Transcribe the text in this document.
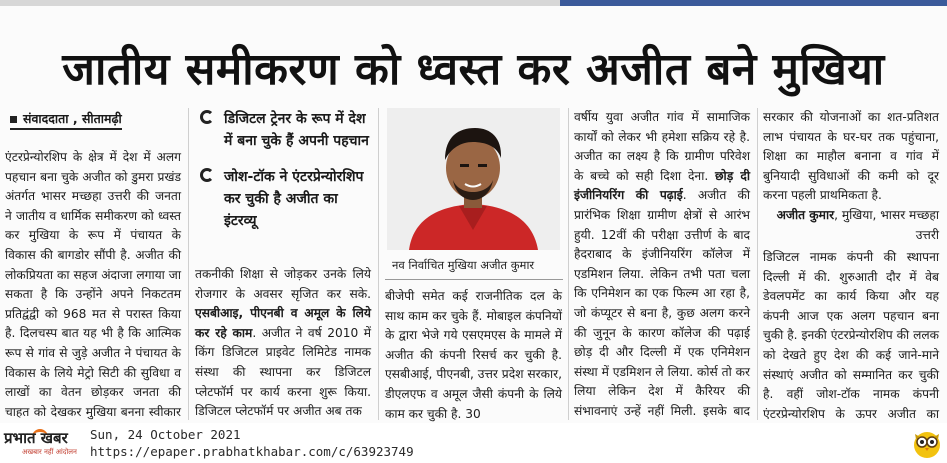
जातीय समीकरण को ध्वस्त कर अजीत बने मुखिया
संवाददाता , सीतामढ़ी

एंटरप्रेन्योरशिप के क्षेत्र में देश में अलग पहचान बना चुके अजीत को डुमरा प्रखंड अंतर्गत भासर मच्छहा उत्तरी की जनता ने जातीय व धार्मिक समीकरण को ध्वस्त कर मुखिया के रूप में पंचायत के विकास की बागडोर सौंपी है. अजीत की लोकप्रियता का सहज अंदाजा लगाया जा सकता है कि उन्होंने अपने निकटतम प्रतिद्वंद्वी को 968 मत से परास्त किया है. दिलचस्प बात यह भी है कि आत्मिक रूप से गांव से जुड़े अजीत ने पंचायत के विकास के लिये मेट्रो सिटी की सुविधा व लाखों का वेतन छोड़कर जनता की चाहत को देखकर मुखिया बनना स्वीकार

डिजिटल ट्रेनर के रूप में देश में बना चुके हैं अपनी पहचान
जोश-टॉक ने एंटरप्रेन्योरशिप कर चुकी है अजीत का इंटरव्यू

तकनीकी शिक्षा से जोड़कर उनके लिये रोजगार के अवसर सृजित कर सके. एसबीआइ, पीएनबी व अमूल के लिये कर रहे काम. अजीत ने वर्ष 2010 में किंग डिजिटल प्राइवेट लिमिटेड नामक संस्था की स्थापना कर डिजिटल प्लेटफॉर्म पर कार्य करना शुरू किया. डिजिटल प्लेटफॉर्म पर अजीत अब तक

नव निर्वाचित मुखिया अजीत कुमार

बीजेपी समेत कई राजनीतिक दल के साथ काम कर चुके हैं. मोबाइल कंपनियों के द्वारा भेजे गये एसएमएस के मामले में अजीत की कंपनी रिसर्च कर चुकी है. एसबीआई, पीएनबी, उत्तर प्रदेश सरकार, डीएलएफ व अमूल जैसी कंपनी के लिये काम कर चुकी है. 30

वर्षीय युवा अजीत गांव में सामाजिक कार्यों को लेकर भी हमेशा सक्रिय रहे है. अजीत का लक्ष्य है कि ग्रामीण परिवेश के बच्चे को सही दिशा देना. छोड़ दी इंजीनियरिंग की पढ़ाई. अजीत की प्रारंभिक शिक्षा ग्रामीण क्षेत्रों से आरंभ हुयी. 12वीं की परीक्षा उत्तीर्ण के बाद हैदराबाद के इंजीनियरिंग कॉलेज में एडमिशन लिया. लेकिन तभी पता चला कि एनिमेशन का एक फिल्म आ रहा है, जो कंप्यूटर से बना है, कुछ अलग करने की जुनून के कारण कॉलेज की पढ़ाई छोड़ दी और दिल्ली में एक एनिमेशन संस्था में एडमिशन ले लिया. कोर्स तो कर लिया लेकिन देश में कैरियर की संभावनाएं उन्हें नहीं मिली. इसके बाद

सरकार की योजनाओं का शत-प्रतिशत लाभ पंचायत के घर-घर तक पहुंचाना, शिक्षा का माहौल बनाना व गांव में बुनियादी सुविधाओं की कमी को दूर करना पहली प्राथमिकता है.

अजीत कुमार, मुखिया, भासर मच्छहा उत्तरी

डिजिटल नामक कंपनी की स्थापना दिल्ली में की. शुरुआती दौर में वेब डेवलपमेंट का कार्य किया और यह कंपनी आज एक अलग पहचान बना चुकी है. इनकी एंटरप्रेन्योरशिप की ललक को देखते हुए देश की कई जाने-माने संस्थाएं अजीत को सम्मानित कर चुकी है. वहीं जोश-टॉक नामक कंपनी एंटरप्रेन्योरशिप के ऊपर अजीत का

प्रभात खबर
अखबार नहीं आंदोलन
Sun, 24 October 2021
https://epaper.prabhatkhabar.com/c/63923749
